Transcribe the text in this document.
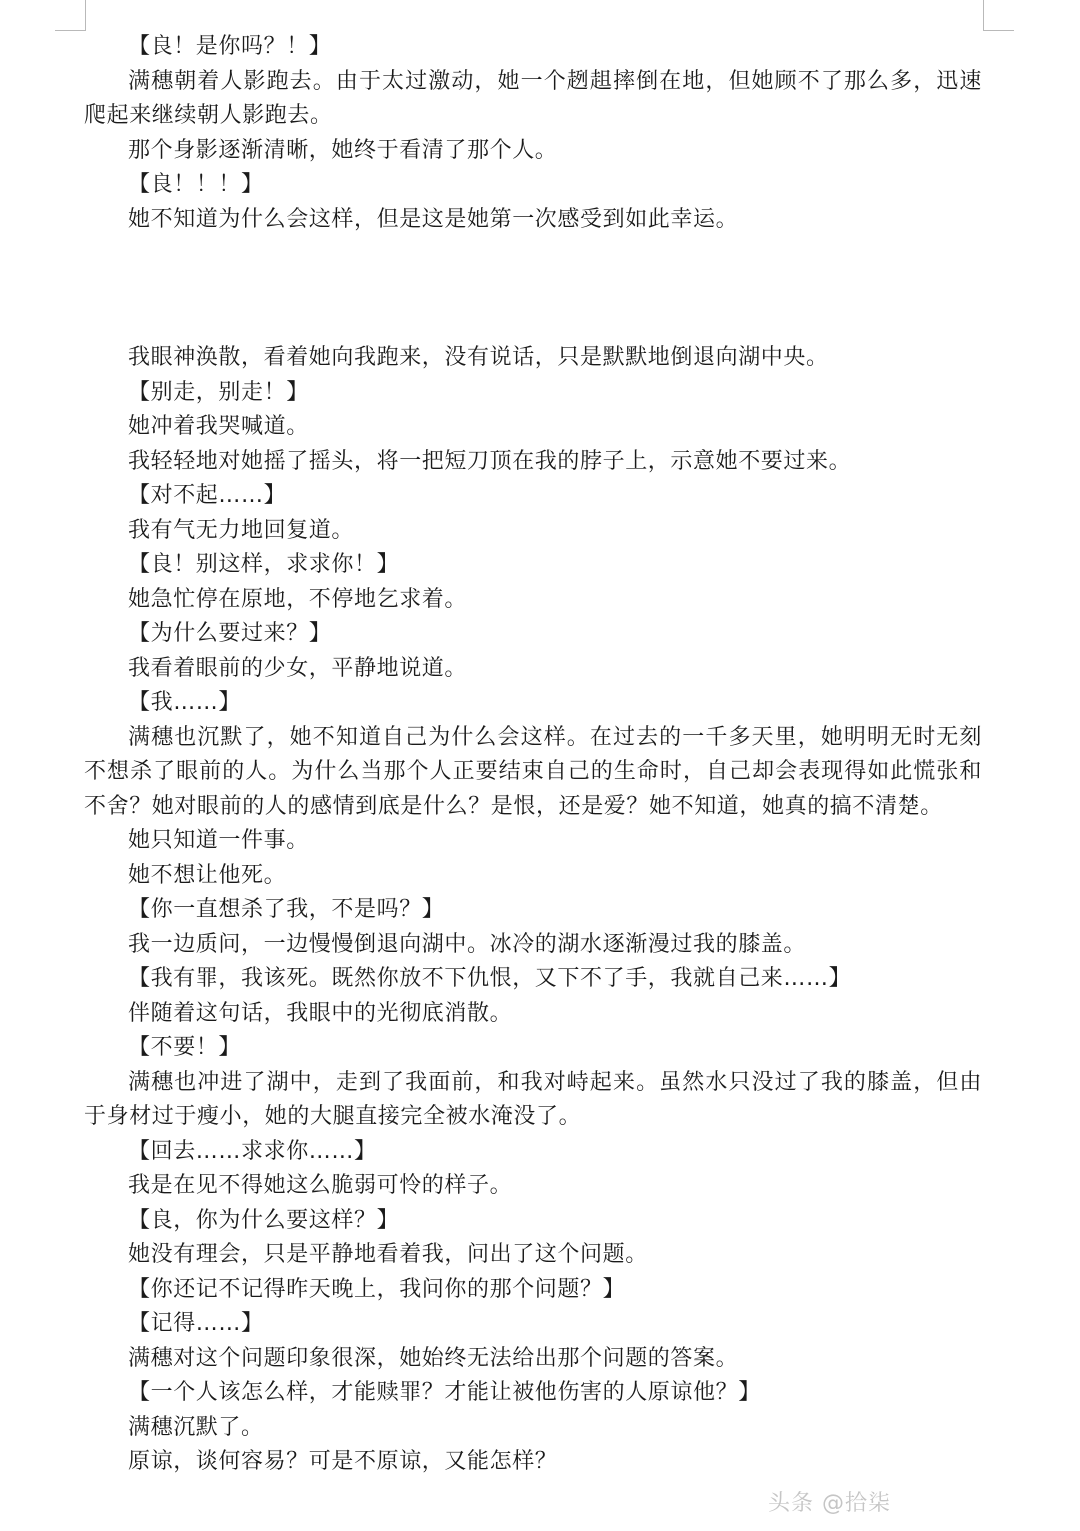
【良！是你吗？！】

满穗朝着人影跑去。由于太过激动，她一个趔趄摔倒在地，但她顾不了那么多，迅速爬起来继续朝人影跑去。

那个身影逐渐清晰，她终于看清了那个人。

【良！！！】

她不知道为什么会这样，但是这是她第一次感受到如此幸运。

我眼神涣散，看着她向我跑来，没有说话，只是默默地倒退向湖中央。

【别走，别走！】

她冲着我哭喊道。

我轻轻地对她摇了摇头，将一把短刀顶在我的脖子上，示意她不要过来。

【对不起……】

我有气无力地回复道。

【良！别这样，求求你！】

她急忙停在原地，不停地乞求着。

【为什么要过来？】

我看着眼前的少女，平静地说道。

【我……】

满穗也沉默了，她不知道自己为什么会这样。在过去的一千多天里，她明明无时无刻不想杀了眼前的人。为什么当那个人正要结束自己的生命时，自己却会表现得如此慌张和不舍？她对眼前的人的感情到底是什么？是恨，还是爱？她不知道，她真的搞不清楚。

她只知道一件事。

她不想让他死。

【你一直想杀了我，不是吗？】

我一边质问，一边慢慢倒退向湖中。冰冷的湖水逐渐漫过我的膝盖。

【我有罪，我该死。既然你放不下仇恨，又下不了手，我就自己来……】

伴随着这句话，我眼中的光彻底消散。

【不要！】

满穗也冲进了湖中，走到了我面前，和我对峙起来。虽然水只没过了我的膝盖，但由于身材过于瘦小，她的大腿直接完全被水淹没了。

【回去……求求你……】

我是在见不得她这么脆弱可怜的样子。

【良，你为什么要这样？】

她没有理会，只是平静地看着我，问出了这个问题。

【你还记不记得昨天晚上，我问你的那个问题？】

【记得……】

满穗对这个问题印象很深，她始终无法给出那个问题的答案。

【一个人该怎么样，才能赎罪？才能让被他伤害的人原谅他？】

满穗沉默了。

原谅，谈何容易？可是不原谅，又能怎样？

头条 @拾柒
